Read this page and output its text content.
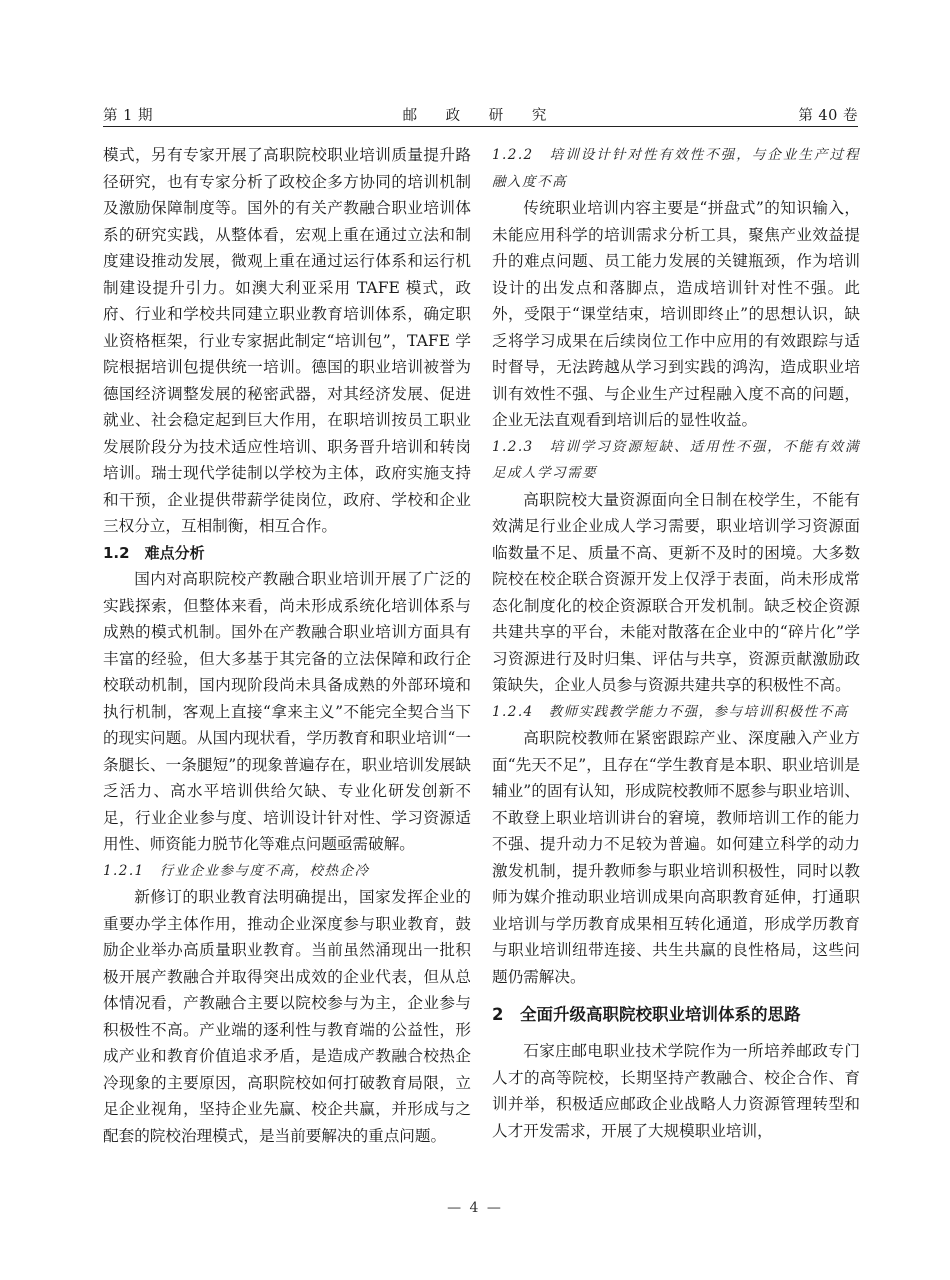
第 1 期	邮 政 研 究	第 40 卷

模式，另有专家开展了高职院校职业培训质量提升路径研究，也有专家分析了政校企多方协同的培训机制及激励保障制度等。国外的有关产教融合职业培训体系的研究实践，从整体看，宏观上重在通过立法和制度建设推动发展，微观上重在通过运行体系和运行机制建设提升引力。如澳大利亚采用 TAFE 模式，政府、行业和学校共同建立职业教育培训体系，确定职业资格框架，行业专家据此制定“培训包”，TAFE 学院根据培训包提供统一培训。德国的职业培训被誉为德国经济调整发展的秘密武器，对其经济发展、促进就业、社会稳定起到巨大作用，在职培训按员工职业发展阶段分为技术适应性培训、职务晋升培训和转岗培训。瑞士现代学徒制以学校为主体，政府实施支持和干预，企业提供带薪学徒岗位，政府、学校和企业三权分立，互相制衡，相互合作。

1.2　难点分析

国内对高职院校产教融合职业培训开展了广泛的实践探索，但整体来看，尚未形成系统化培训体系与成熟的模式机制。国外在产教融合职业培训方面具有丰富的经验，但大多基于其完备的立法保障和政行企校联动机制，国内现阶段尚未具备成熟的外部环境和执行机制，客观上直接“拿来主义”不能完全契合当下的现实问题。从国内现状看，学历教育和职业培训“一条腿长、一条腿短”的现象普遍存在，职业培训发展缺乏活力、高水平培训供给欠缺、专业化研发创新不足，行业企业参与度、培训设计针对性、学习资源适用性、师资能力脱节化等难点问题亟需破解。

1.2.1　行业企业参与度不高，校热企冷

新修订的职业教育法明确提出，国家发挥企业的重要办学主体作用，推动企业深度参与职业教育，鼓励企业举办高质量职业教育。当前虽然涌现出一批积极开展产教融合并取得突出成效的企业代表，但从总体情况看，产教融合主要以院校参与为主，企业参与积极性不高。产业端的逐利性与教育端的公益性，形成产业和教育价值追求矛盾，是造成产教融合校热企冷现象的主要原因，高职院校如何打破教育局限，立足企业视角，坚持企业先赢、校企共赢，并形成与之配套的院校治理模式，是当前要解决的重点问题。

1.2.2　培训设计针对性有效性不强，与企业生产过程融入度不高

传统职业培训内容主要是“拼盘式”的知识输入，未能应用科学的培训需求分析工具，聚焦产业效益提升的难点问题、员工能力发展的关键瓶颈，作为培训设计的出发点和落脚点，造成培训针对性不强。此外，受限于“课堂结束，培训即终止”的思想认识，缺乏将学习成果在后续岗位工作中应用的有效跟踪与适时督导，无法跨越从学习到实践的鸿沟，造成职业培训有效性不强、与企业生产过程融入度不高的问题，企业无法直观看到培训后的显性收益。

1.2.3　培训学习资源短缺、适用性不强，不能有效满足成人学习需要

高职院校大量资源面向全日制在校学生，不能有效满足行业企业成人学习需要，职业培训学习资源面临数量不足、质量不高、更新不及时的困境。大多数院校在校企联合资源开发上仅浮于表面，尚未形成常态化制度化的校企资源联合开发机制。缺乏校企资源共建共享的平台，未能对散落在企业中的“碎片化”学习资源进行及时归集、评估与共享，资源贡献激励政策缺失，企业人员参与资源共建共享的积极性不高。

1.2.4　教师实践教学能力不强，参与培训积极性不高

高职院校教师在紧密跟踪产业、深度融入产业方面“先天不足”，且存在“学生教育是本职、职业培训是辅业”的固有认知，形成院校教师不愿参与职业培训、不敢登上职业培训讲台的窘境，教师培训工作的能力不强、提升动力不足较为普遍。如何建立科学的动力激发机制，提升教师参与职业培训积极性，同时以教师为媒介推动职业培训成果向高职教育延伸，打通职业培训与学历教育成果相互转化通道，形成学历教育与职业培训纽带连接、共生共赢的良性格局，这些问题仍需解决。

2　全面升级高职院校职业培训体系的思路

石家庄邮电职业技术学院作为一所培养邮政专门人才的高等院校，长期坚持产教融合、校企合作、育训并举，积极适应邮政企业战略人力资源管理转型和人才开发需求，开展了大规模职业培训，

— 4 —
